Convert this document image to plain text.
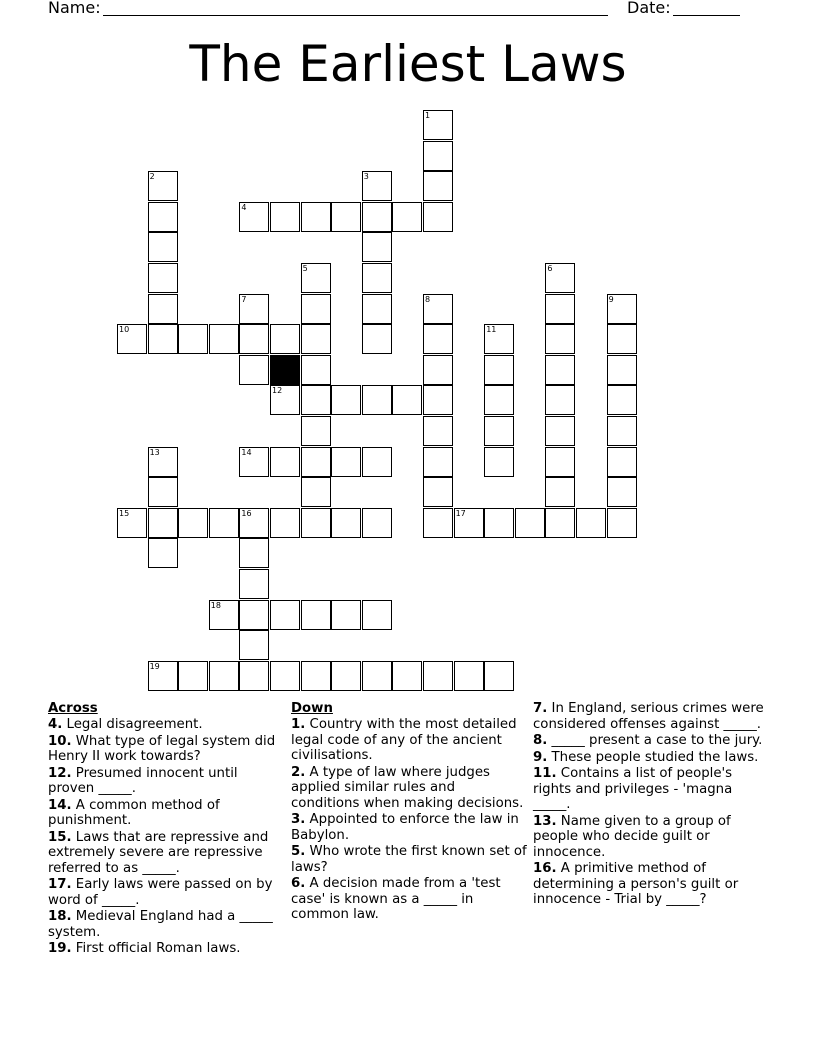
Name:	Date:
The Earliest Laws
1
2	3
4
5	6
7	8	9
10	11
12
13	14
15	16	17
18
19
Across
4. Legal disagreement.
10. What type of legal system did Henry II work towards?
12. Presumed innocent until proven _____.
14. A common method of punishment.
15. Laws that are repressive and extremely severe are repressive referred to as _____.
17. Early laws were passed on by word of _____.
18. Medieval England had a _____ system.
19. First official Roman laws.
Down
1. Country with the most detailed legal code of any of the ancient civilisations.
2. A type of law where judges applied similar rules and conditions when making decisions.
3. Appointed to enforce the law in Babylon.
5. Who wrote the first known set of laws?
6. A decision made from a 'test case' is known as a _____ in common law.
7. In England, serious crimes were considered offenses against _____.
8. _____ present a case to the jury.
9. These people studied the laws.
11. Contains a list of people's rights and privileges - 'magna _____.
13. Name given to a group of people who decide guilt or innocence.
16. A primitive method of determining a person's guilt or innocence - Trial by _____?
